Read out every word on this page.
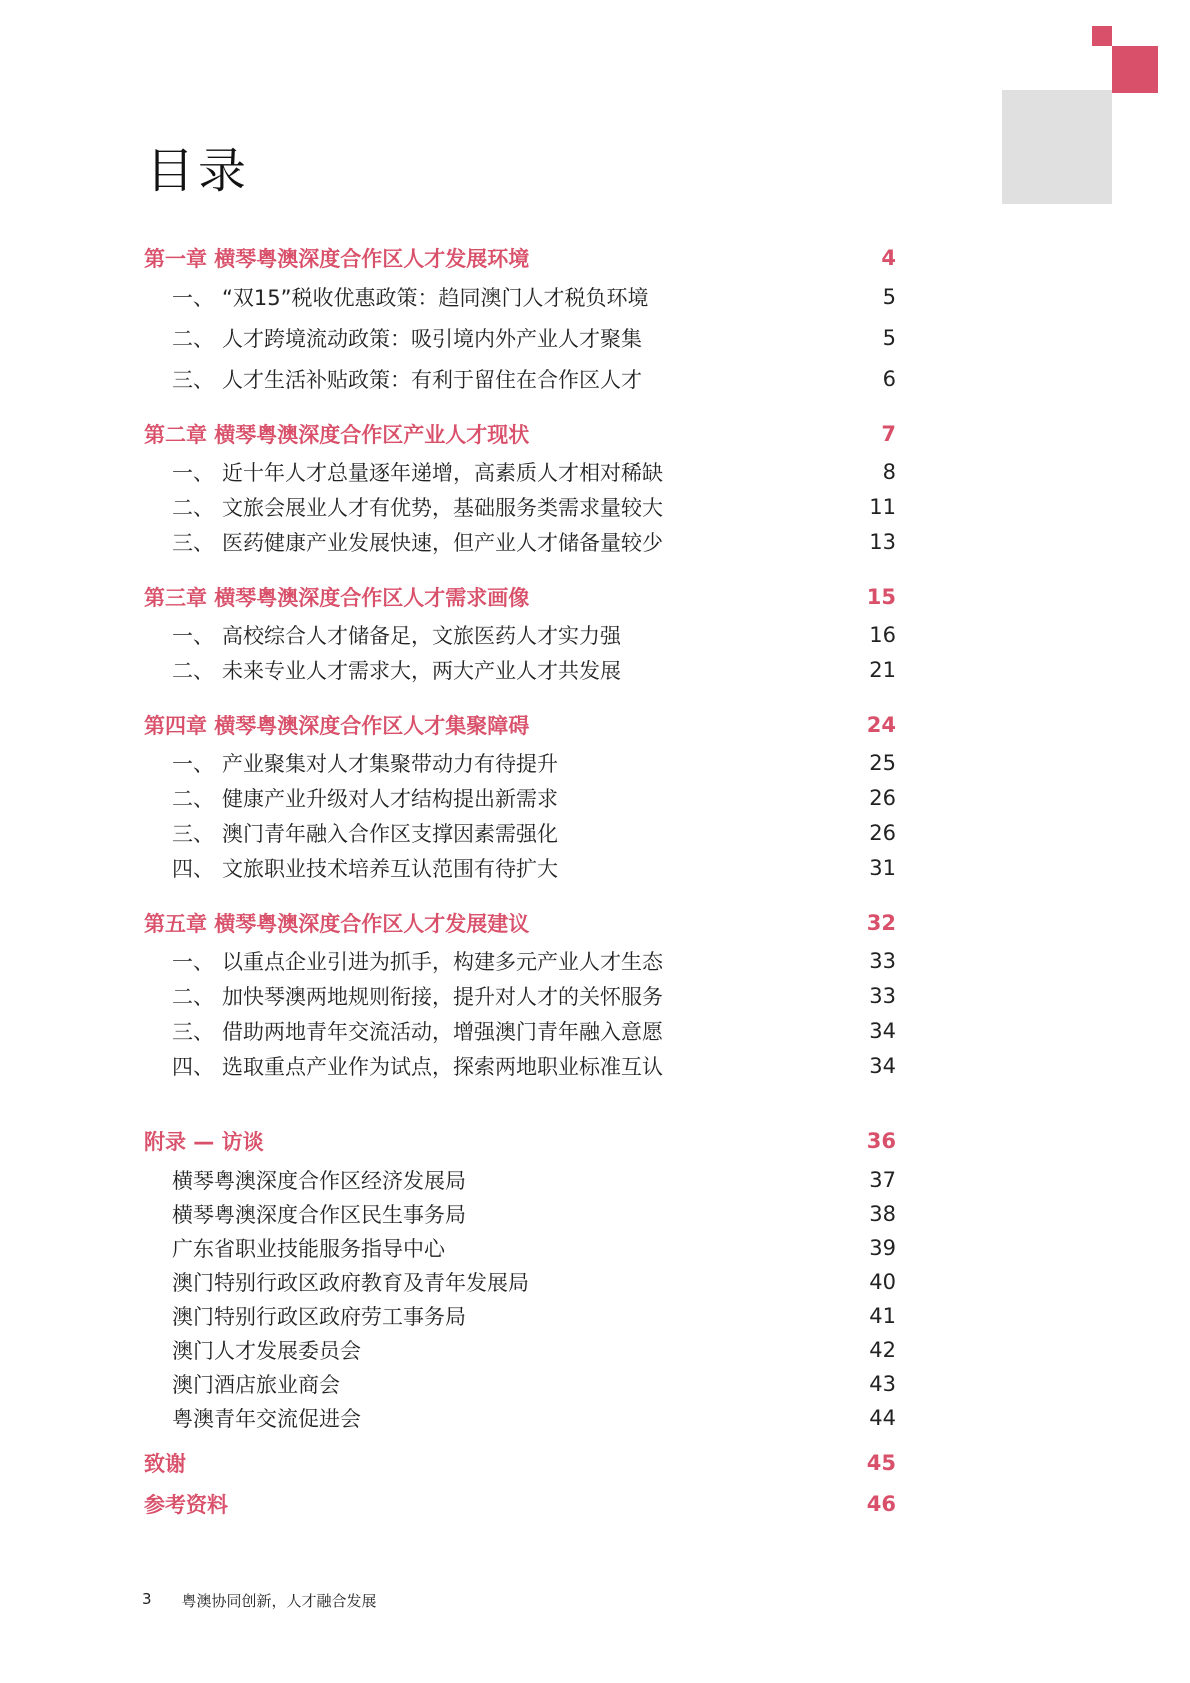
目录
第一章 横琴粤澳深度合作区人才发展环境	4
一、 “双15”税收优惠政策：趋同澳门人才税负环境	5
二、 人才跨境流动政策：吸引境内外产业人才聚集	5
三、 人才生活补贴政策：有利于留住在合作区人才	6
第二章 横琴粤澳深度合作区产业人才现状	7
一、 近十年人才总量逐年递增，高素质人才相对稀缺	8
二、 文旅会展业人才有优势，基础服务类需求量较大	11
三、 医药健康产业发展快速，但产业人才储备量较少	13
第三章 横琴粤澳深度合作区人才需求画像	15
一、 高校综合人才储备足，文旅医药人才实力强	16
二、 未来专业人才需求大，两大产业人才共发展	21
第四章 横琴粤澳深度合作区人才集聚障碍	24
一、 产业聚集对人才集聚带动力有待提升	25
二、 健康产业升级对人才结构提出新需求	26
三、 澳门青年融入合作区支撑因素需强化	26
四、 文旅职业技术培养互认范围有待扩大	31
第五章 横琴粤澳深度合作区人才发展建议	32
一、 以重点企业引进为抓手，构建多元产业人才生态	33
二、 加快琴澳两地规则衔接，提升对人才的关怀服务	33
三、 借助两地青年交流活动，增强澳门青年融入意愿	34
四、 选取重点产业作为试点，探索两地职业标准互认	34
附录 — 访谈	36
横琴粤澳深度合作区经济发展局	37
横琴粤澳深度合作区民生事务局	38
广东省职业技能服务指导中心	39
澳门特别行政区政府教育及青年发展局	40
澳门特别行政区政府劳工事务局	41
澳门人才发展委员会	42
澳门酒店旅业商会	43
粤澳青年交流促进会	44
致谢	45
参考资料	46
3 粤澳协同创新，人才融合发展
